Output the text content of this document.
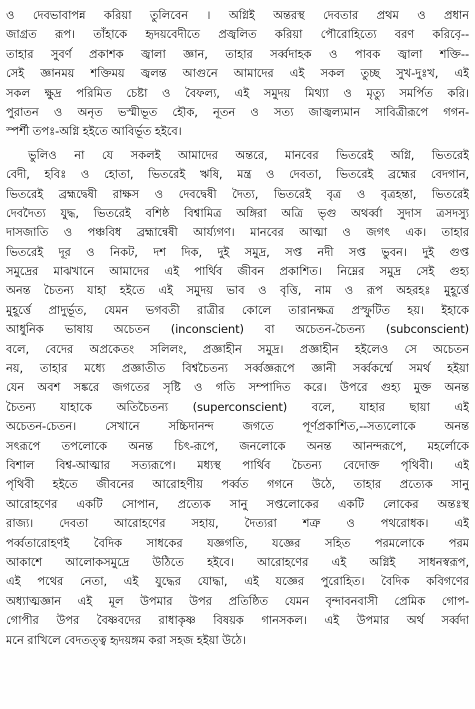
ও দেবভাবাপন্ন করিয়া তুলিবেন । অগ্নিই অন্তরস্থ দেবতার প্রথম ও প্রধান
জাগ্রত রূপ। তাঁহাকে হৃদয়বেদীতে প্রজ্বলিত করিয়া পৌরোহিত্যে বরণ করিবে়--
তাহার সুবর্ণ প্রকাশক জ্বালা জ্ঞান, তাহার সর্ব্বদাহক ও পাবক জ্বালা শক্তি--
সেই জ্ঞানময় শক্তিময় জ্বলন্ত আগুনে আমাদের এই সকল তুচ্ছ সুখ-দুঃখ, এই
সকল ক্ষুদ্র পরিমিত চেষ্টা ও বৈফল্য, এই সমুদয় মিথ্যা ও মৃত্যু সমর্পিত করি।
পুরাতন ও অনৃত ভস্মীভূত হৌক, নূতন ও সত্য জাজ্বল্যমান সাবিত্রীরূপে গগন-
স্পর্শী তপঃ-অগ্নি হইতে আবির্ভূত হইবে।
ভুলিও না যে সকলই আমাদের অন্তরে, মানবের ভিতরেই অগ্নি, ভিতরেই
বেদী, হবিঃ ও হোতা, ভিতরেই ঋষি, মন্ত্র ও দেবতা, ভিতরেই ব্রহ্মের বেদগান,
ভিতরেই ব্রহ্মদ্বেষী রাক্ষস ও দেবদ্বেষী দৈত্য, ভিতরেই বৃত্র ও বৃত্রহন্তা, ভিতরেই
দেবদৈত্য যুদ্ধ, ভিতরেই বশিষ্ঠ বিশ্বামিত্র অঙ্গিরা অত্রি ভৃগু অথর্ব্বা সুদাস ত্রসদস্যু
দাসজাতি ও পঞ্চবিধ ব্রহ্মান্বেষী আর্য্যগণ। মানবের আত্মা ও জগৎ এক। তাহার
ভিতরেই দূর ও নিকট, দশ দিক, দুই সমুদ্র, সপ্ত নদী সপ্ত ভুবন। দুই গুপ্ত
সমুদ্রের মাঝখানে আমাদের এই পার্থিব জীবন প্রকাশিত। নিম্নের সমুদ্র সেই গুহ্য
অনন্ত চৈতন্য যাহা হইতে এই সমুদয় ভাব ও বৃত্তি, নাম ও রূপ অহরহঃ মুহূর্ত্তে
মুহূর্ত্তে প্রাদুর্ভূত, যেমন ভগবতী রাত্রীর কোলে তারানক্ষত্র প্রস্ফুটিত হয়। ইহাকে
আধুনিক ভাষায় অচেতন (inconscient) বা অচেতন-চৈতন্য (subconscient)
বলে, বেদের অপ্রকেতং সলিলং, প্রজ্ঞাহীন সমুদ্র। প্রজ্ঞাহীন হইলেও সে অচেতন
নয়, তাহার মধ্যে প্রজ্ঞাতীত বিশ্বচৈতন্য সর্ব্বজ্ঞরূপে জ্ঞানী সর্ব্বকর্ম্মে সমর্থ হইয়া
যেন অবশ সঙ্করে জগতের সৃষ্টি ও গতি সম্পাদিত করে। উপরে গুহ্য মুক্ত অনন্ত
চৈতন্য যাহাকে অতিচৈতন্য (superconscient) বলে, যাহার ছায়া এই
অচেতন-চেতন। সেখানে সচ্চিদানন্দ জগতে পূর্ণপ্রকাশিত,--সত্যলোকে অনন্ত
সৎরূপে তপলোকে অনন্ত চিৎ-রূপে, জনলোকে অনন্ত আনন্দরূপে, মহর্লোকে
বিশাল বিশ্ব-আত্মার সত্যরূপে। মধ্যস্থ পার্থিব চৈতন্য বেদোক্ত পৃথিবী। এই
পৃথিবী হইতে জীবনের আরোহণীয় পর্ব্বত গগনে উঠে, তাহার প্রত্যেক সানু
আরোহণের একটি সোপান, প্রত্যেক সানু সপ্তলোকের একটি লোকের অন্তঃস্থ
রাজ্য। দেবতা আরোহণের সহায়, দৈত্যরা শত্রু ও পথরোধক। এই
পর্ব্বতারোহণই বৈদিক সাধকের যজ্ঞগতি, যজ্ঞের সহিত পরমলোকে পরম
আকাশে আলোকসমুদ্রে উঠিতে হইবে। আরোহণের এই অগ্নিই সাধনস্বরূপ,
এই পথের নেতা, এই যুদ্ধের যোদ্ধা, এই যজ্ঞের পুরোহিত। বৈদিক কবিগণের
অধ্যাত্মজ্ঞান এই মূল উপমার উপর প্রতিষ্ঠিত যেমন বৃন্দাবনবাসী প্রেমিক গোপ-
গোপীর উপর বৈষ্ণবদের রাধাকৃষ্ণ বিষয়ক গানসকল। এই উপমার অর্থ সর্ব্বদা
মনে রাখিলে বেদতত্ত্ব হৃদয়ঙ্গম করা সহজ হইয়া উঠে।
